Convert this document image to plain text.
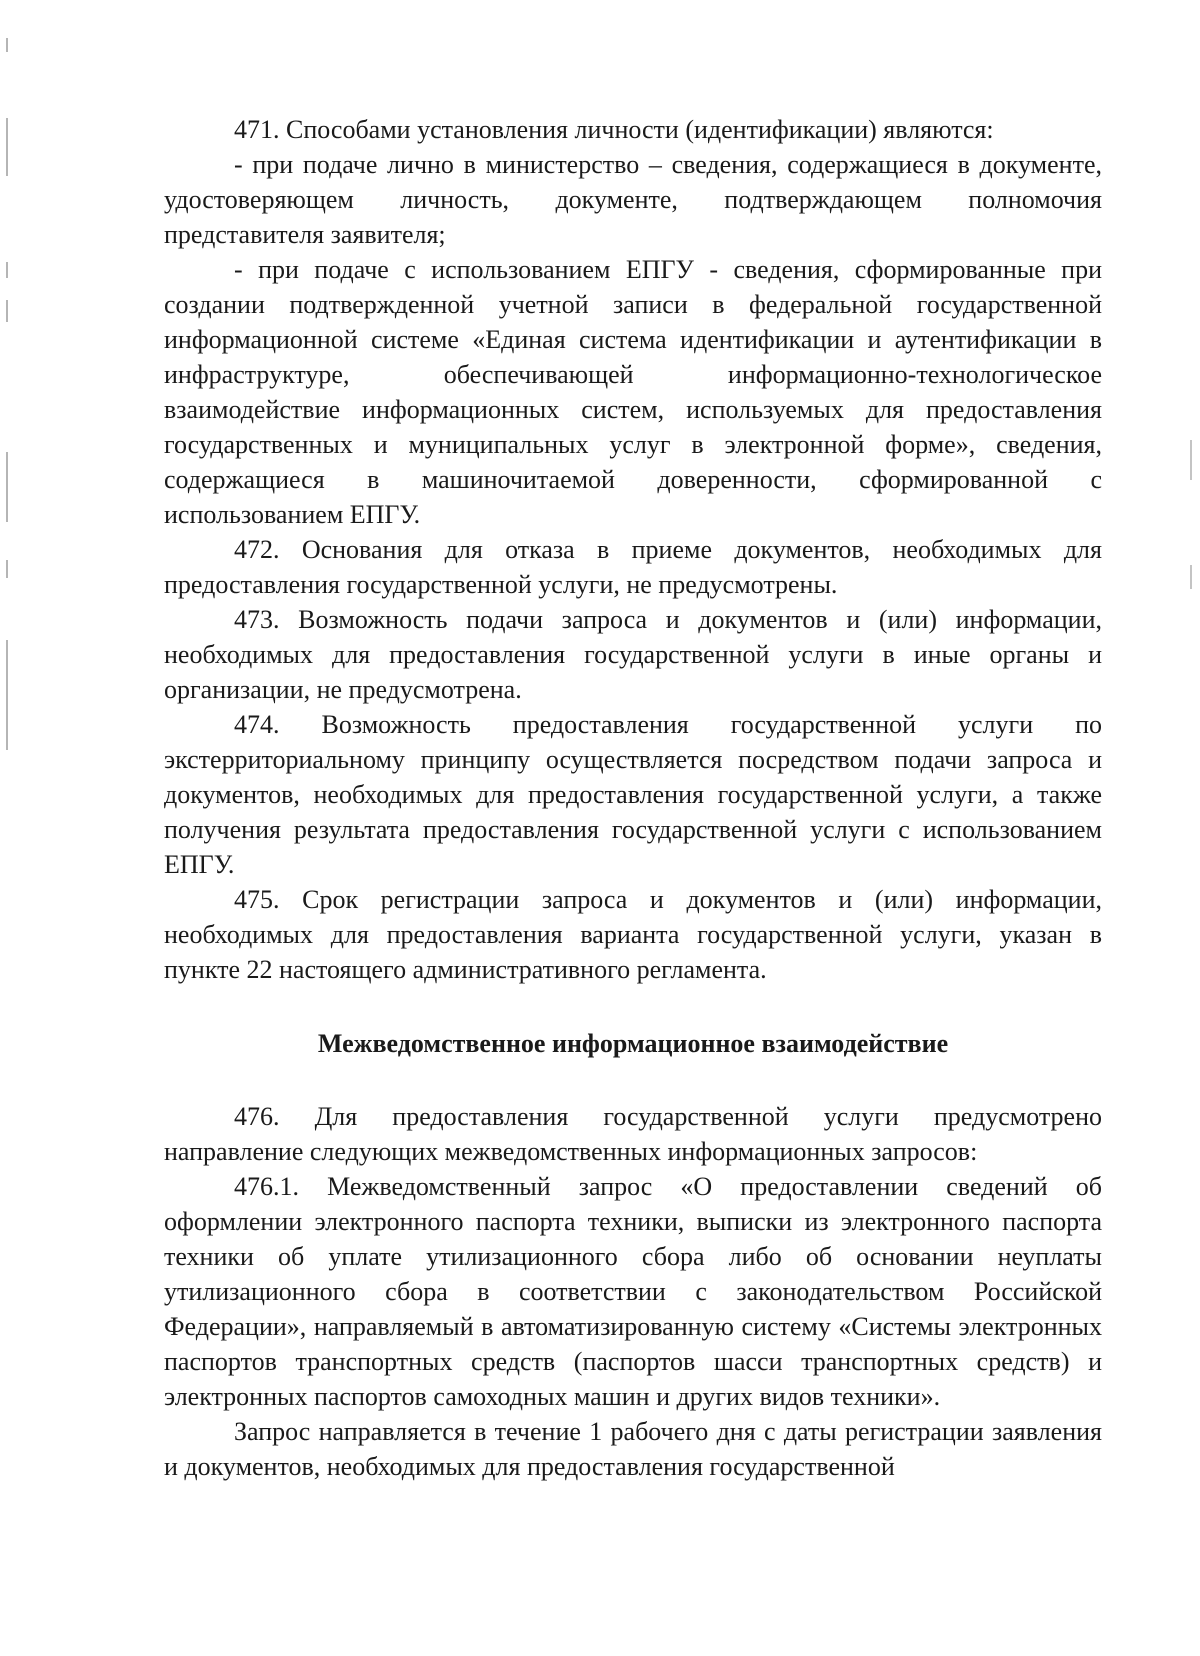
471. Способами установления личности (идентификации) являются:

- при подаче лично в министерство – сведения, содержащиеся в документе, удостоверяющем личность, документе, подтверждающем полномочия представителя заявителя;

- при подаче с использованием ЕПГУ - сведения, сформированные при создании подтвержденной учетной записи в федеральной государственной информационной системе «Единая система идентификации и аутентификации в инфраструктуре, обеспечивающей информационно-технологическое взаимодействие информационных систем, используемых для предоставления государственных и муниципальных услуг в электронной форме», сведения, содержащиеся в машиночитаемой доверенности, сформированной с использованием ЕПГУ.

472. Основания для отказа в приеме документов, необходимых для предоставления государственной услуги, не предусмотрены.

473. Возможность подачи запроса и документов и (или) информации, необходимых для предоставления государственной услуги в иные органы и организации, не предусмотрена.

474. Возможность предоставления государственной услуги по экстерриториальному принципу осуществляется посредством подачи запроса и документов, необходимых для предоставления государственной услуги, а также получения результата предоставления государственной услуги с использованием ЕПГУ.

475. Срок регистрации запроса и документов и (или) информации, необходимых для предоставления варианта государственной услуги, указан в пункте 22 настоящего административного регламента.

Межведомственное информационное взаимодействие

476. Для предоставления государственной услуги предусмотрено направление следующих межведомственных информационных запросов:

476.1. Межведомственный запрос «О предоставлении сведений об оформлении электронного паспорта техники, выписки из электронного паспорта техники об уплате утилизационного сбора либо об основании неуплаты утилизационного сбора в соответствии с законодательством Российской Федерации», направляемый в автоматизированную систему «Системы электронных паспортов транспортных средств (паспортов шасси транспортных средств) и электронных паспортов самоходных машин и других видов техники».

Запрос направляется в течение 1 рабочего дня с даты регистрации заявления и документов, необходимых для предоставления государственной
